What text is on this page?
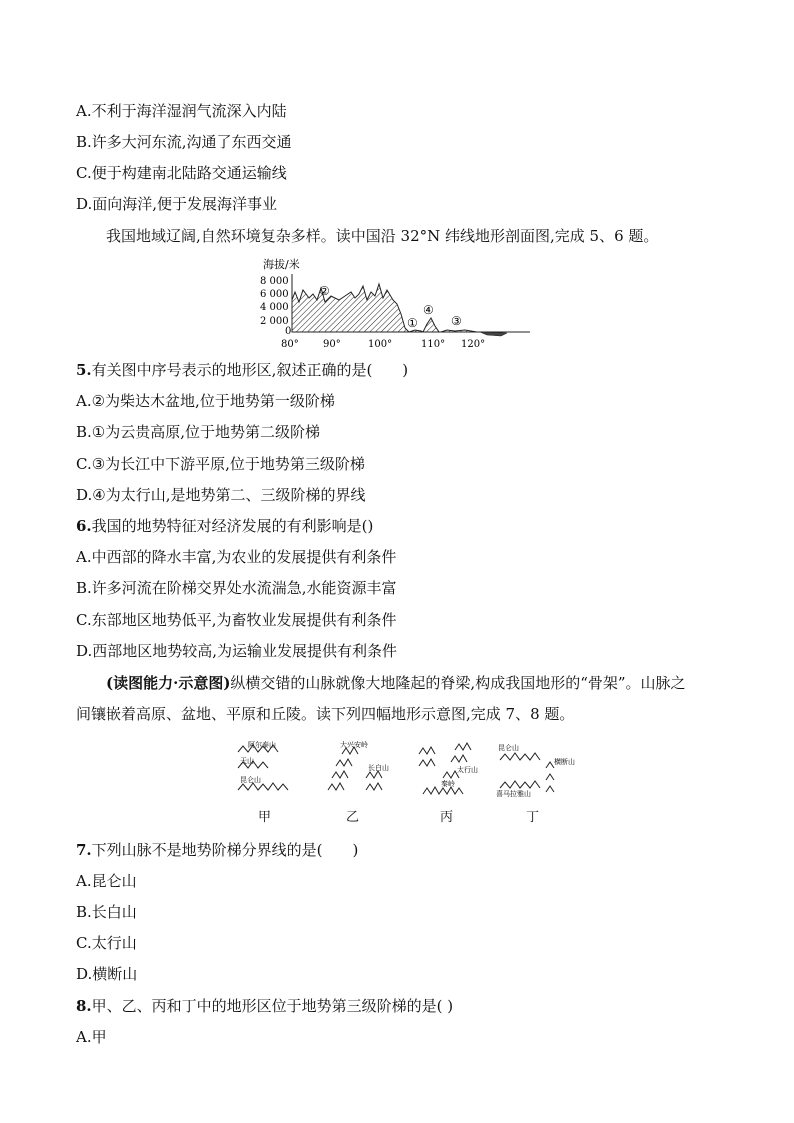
A.不利于海洋湿润气流深入内陆
B.许多大河东流,沟通了东西交通
C.便于构建南北陆路交通运输线
D.面向海洋,便于发展海洋事业
我国地域辽阔,自然环境复杂多样。读中国沿 32°N 纬线地形剖面图,完成 5、6 题。
海拔/米
8 000
6 000
4 000
2 000
0
②
①
④
③
80° 90°	100°	110° 120°
5.有关图中序号表示的地形区,叙述正确的是(　　)
A.②为柴达木盆地,位于地势第一级阶梯
B.①为云贵高原,位于地势第二级阶梯
C.③为长江中下游平原,位于地势第三级阶梯
D.④为太行山,是地势第二、三级阶梯的界线
6.我国的地势特征对经济发展的有利影响是()
A.中西部的降水丰富,为农业的发展提供有利条件
B.许多河流在阶梯交界处水流湍急,水能资源丰富
C.东部地区地势低平,为畜牧业发展提供有利条件
D.西部地区地势较高,为运输业发展提供有利条件
(读图能力·示意图)纵横交错的山脉就像大地隆起的脊梁,构成我国地形的“骨架”。山脉之
间镶嵌着高原、盆地、平原和丘陵。读下列四幅地形示意图,完成 7、8 题。
阿尔泰山
天山
昆仑山
大兴安岭
长白山	太行山
秦岭
昆仑山
横断山
喜马拉雅山
甲	乙	丙	丁
7.下列山脉不是地势阶梯分界线的是(　　)
A.昆仑山
B.长白山
C.太行山
D.横断山
8.甲、乙、丙和丁中的地形区位于地势第三级阶梯的是( )
A.甲
